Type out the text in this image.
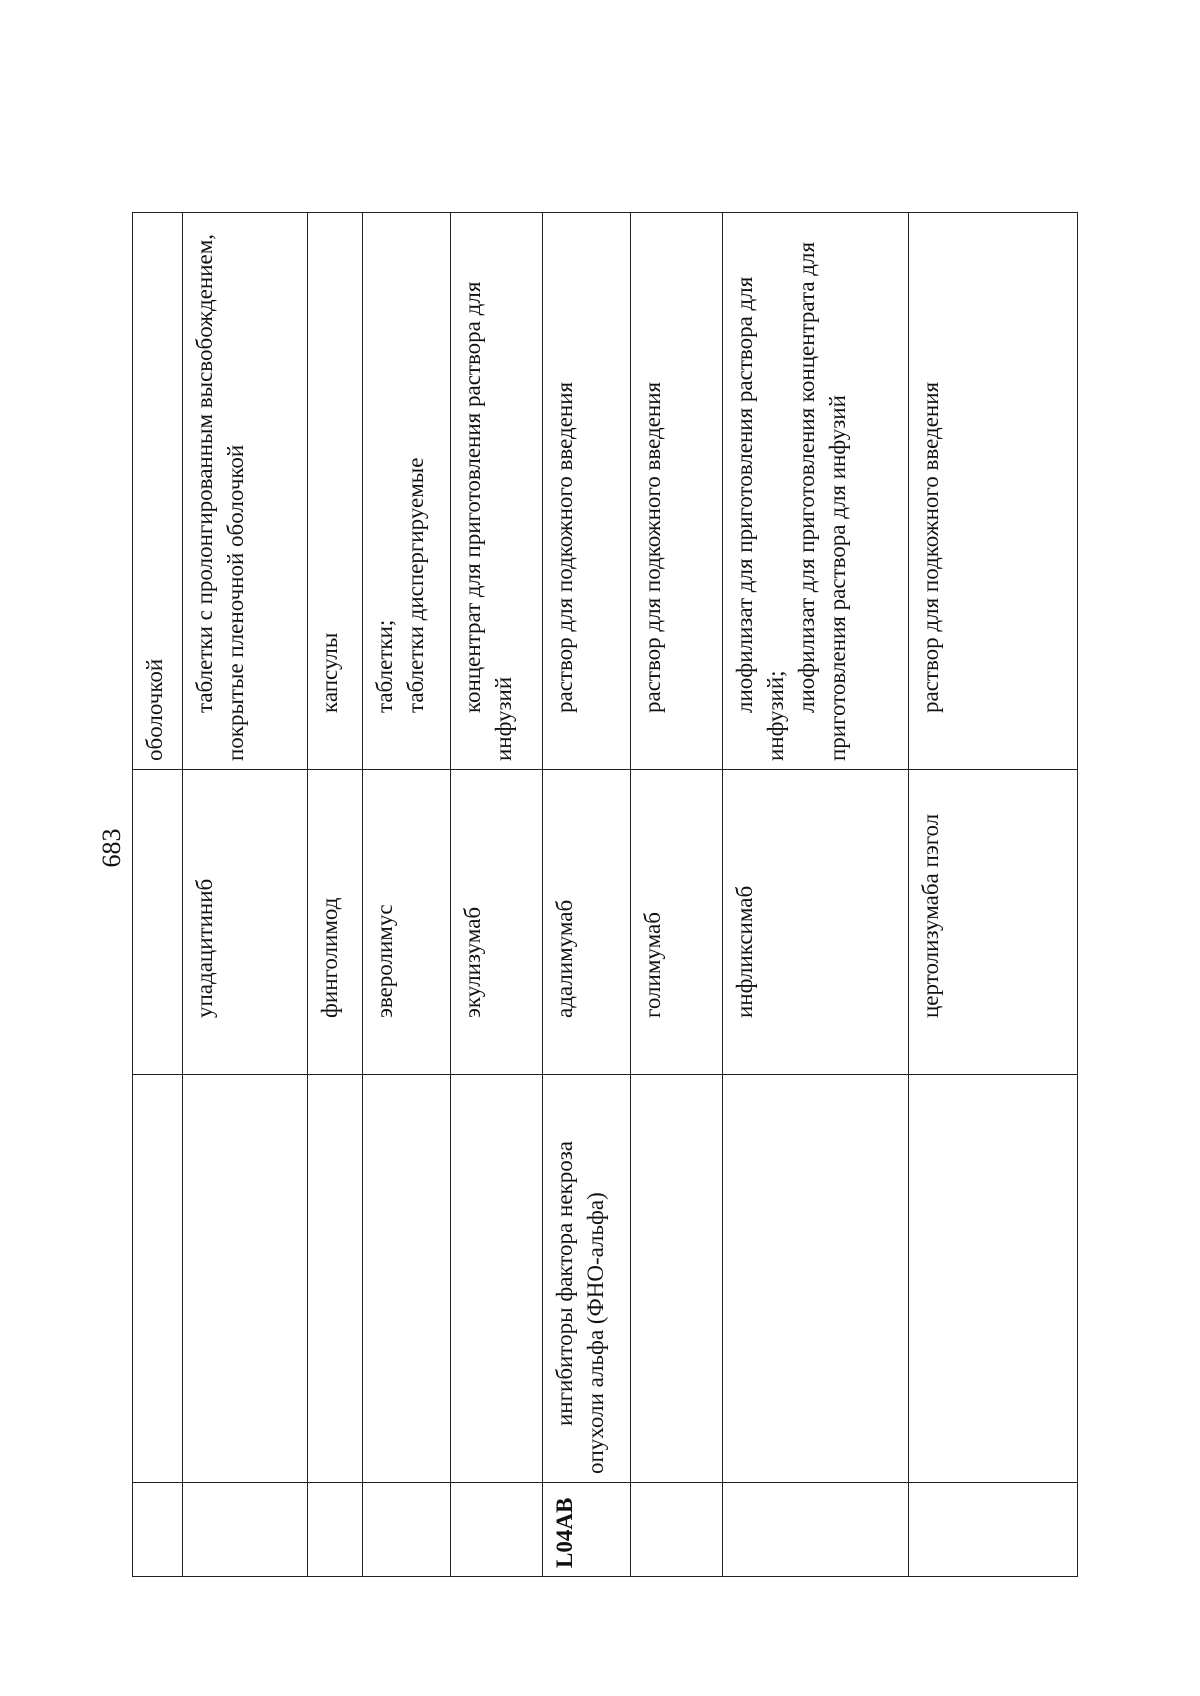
683

			оболочкой

		упадацитиниб	таблетки с пролонгированным высвобождением, покрытые пленочной оболочкой

		финголимод	капсулы

		эверолимус	таблетки; таблетки диспергируемые

		экулизумаб	концентрат для приготовления раствора для инфузий

L04AB	ингибиторы фактора некроза опухоли альфа (ФНО-альфа)	адалимумаб	раствор для подкожного введения

		голимумаб	раствор для подкожного введения

		инфликсимаб	лиофилизат для приготовления раствора для инфузий;
лиофилизат для приготовления концентрата для приготовления раствора для инфузий

		цертолизумаба пэгол	раствор для подкожного введения
